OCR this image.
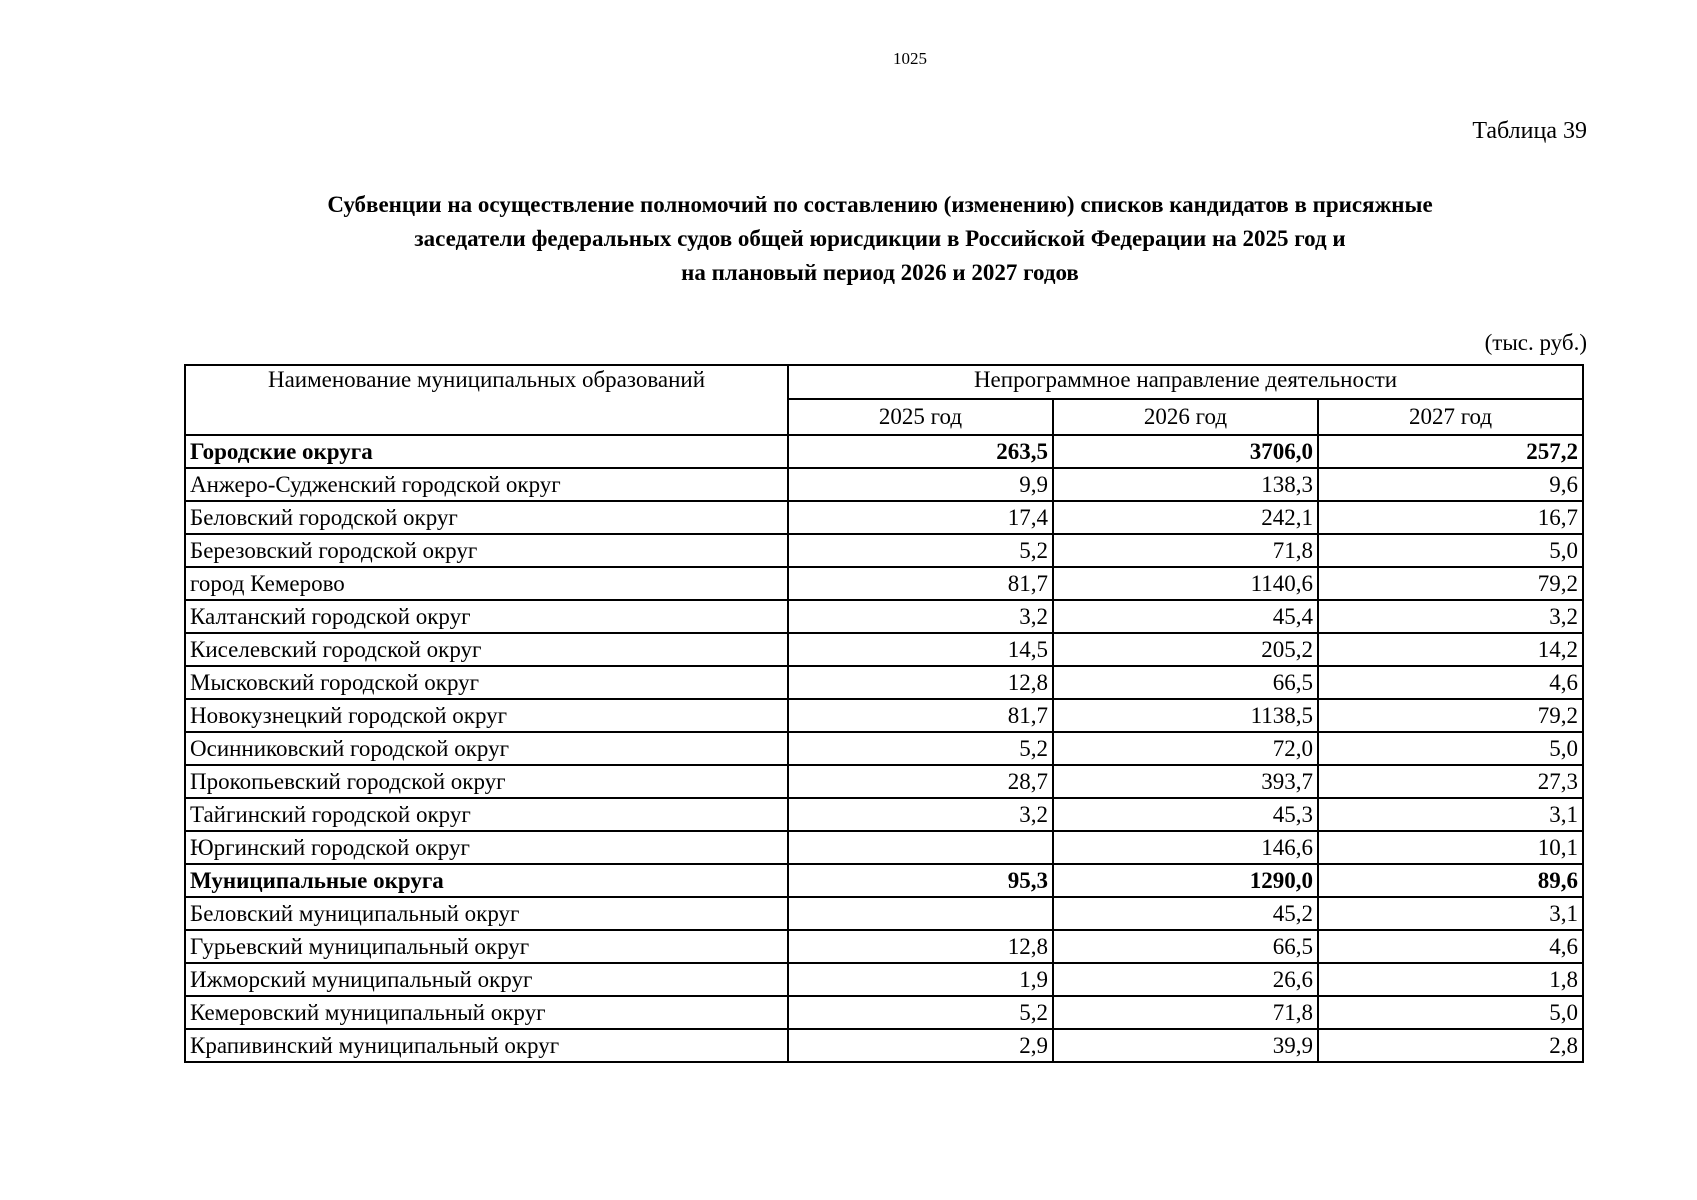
1025
Таблица 39
Субвенции на осуществление полномочий по составлению (изменению) списков кандидатов в присяжные
заседатели федеральных судов общей юрисдикции в Российской Федерации на 2025 год и
на плановый период 2026 и 2027 годов
(тыс. руб.)
Наименование муниципальных образований	Непрограммное направление деятельности		
	2025 год	2026 год	2027 год
Городские округа	263,5	3706,0	257,2
Анжеро-Судженский городской округ	9,9	138,3	9,6
Беловский городской округ	17,4	242,1	16,7
Березовский городской округ	5,2	71,8	5,0
город Кемерово	81,7	1140,6	79,2
Калтанский городской округ	3,2	45,4	3,2
Киселевский городской округ	14,5	205,2	14,2
Мысковский городской округ	12,8	66,5	4,6
Новокузнецкий городской округ	81,7	1138,5	79,2
Осинниковский городской округ	5,2	72,0	5,0
Прокопьевский городской округ	28,7	393,7	27,3
Тайгинский городской округ	3,2	45,3	3,1
Юргинский городской округ		146,6	10,1
Муниципальные округа	95,3	1290,0	89,6
Беловский муниципальный округ		45,2	3,1
Гурьевский муниципальный округ	12,8	66,5	4,6
Ижморский муниципальный округ	1,9	26,6	1,8
Кемеровский муниципальный округ	5,2	71,8	5,0
Крапивинский муниципальный округ	2,9	39,9	2,8
